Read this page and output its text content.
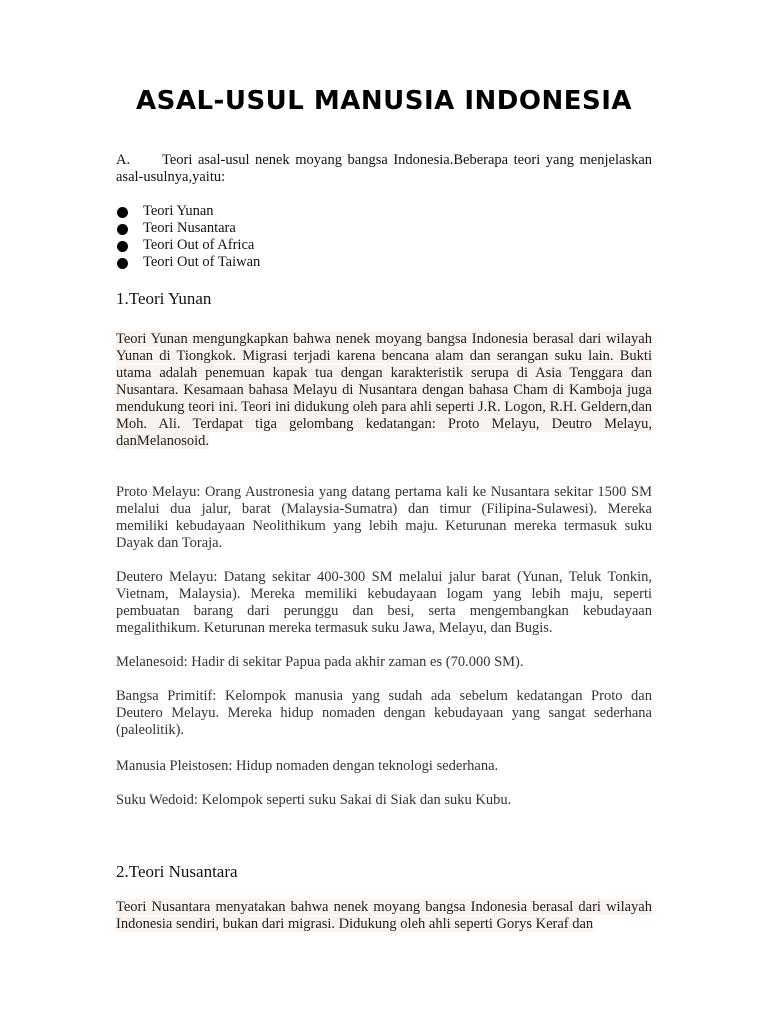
ASAL-USUL MANUSIA INDONESIA

A. Teori asal-usul nenek moyang bangsa Indonesia.Beberapa teori yang menjelaskan asal-usulnya,yaitu:

Teori Yunan
Teori Nusantara
Teori Out of Africa
Teori Out of Taiwan
1.Teori Yunan

Teori Yunan mengungkapkan bahwa nenek moyang bangsa Indonesia berasal dari wilayah Yunan di Tiongkok. Migrasi terjadi karena bencana alam dan serangan suku lain. Bukti utama adalah penemuan kapak tua dengan karakteristik serupa di Asia Tenggara dan Nusantara. Kesamaan bahasa Melayu di Nusantara dengan bahasa Cham di Kamboja juga mendukung teori ini. Teori ini didukung oleh para ahli seperti J.R. Logon, R.H. Geldern,dan Moh. Ali. Terdapat tiga gelombang kedatangan: Proto Melayu, Deutro Melayu, danMelanosoid.

Proto Melayu: Orang Austronesia yang datang pertama kali ke Nusantara sekitar 1500 SM melalui dua jalur, barat (Malaysia-Sumatra) dan timur (Filipina-Sulawesi). Mereka memiliki kebudayaan Neolithikum yang lebih maju. Keturunan mereka termasuk suku Dayak dan Toraja.

Deutero Melayu: Datang sekitar 400-300 SM melalui jalur barat (Yunan, Teluk Tonkin, Vietnam, Malaysia). Mereka memiliki kebudayaan logam yang lebih maju, seperti pembuatan barang dari perunggu dan besi, serta mengembangkan kebudayaan megalithikum. Keturunan mereka termasuk suku Jawa, Melayu, dan Bugis.

Melanesoid: Hadir di sekitar Papua pada akhir zaman es (70.000 SM).

Bangsa Primitif: Kelompok manusia yang sudah ada sebelum kedatangan Proto dan Deutero Melayu. Mereka hidup nomaden dengan kebudayaan yang sangat sederhana (paleolitik).

Manusia Pleistosen: Hidup nomaden dengan teknologi sederhana.

Suku Wedoid: Kelompok seperti suku Sakai di Siak dan suku Kubu.

2.Teori Nusantara

Teori Nusantara menyatakan bahwa nenek moyang bangsa Indonesia berasal dari wilayah Indonesia sendiri, bukan dari migrasi. Didukung oleh ahli seperti Gorys Keraf dan
